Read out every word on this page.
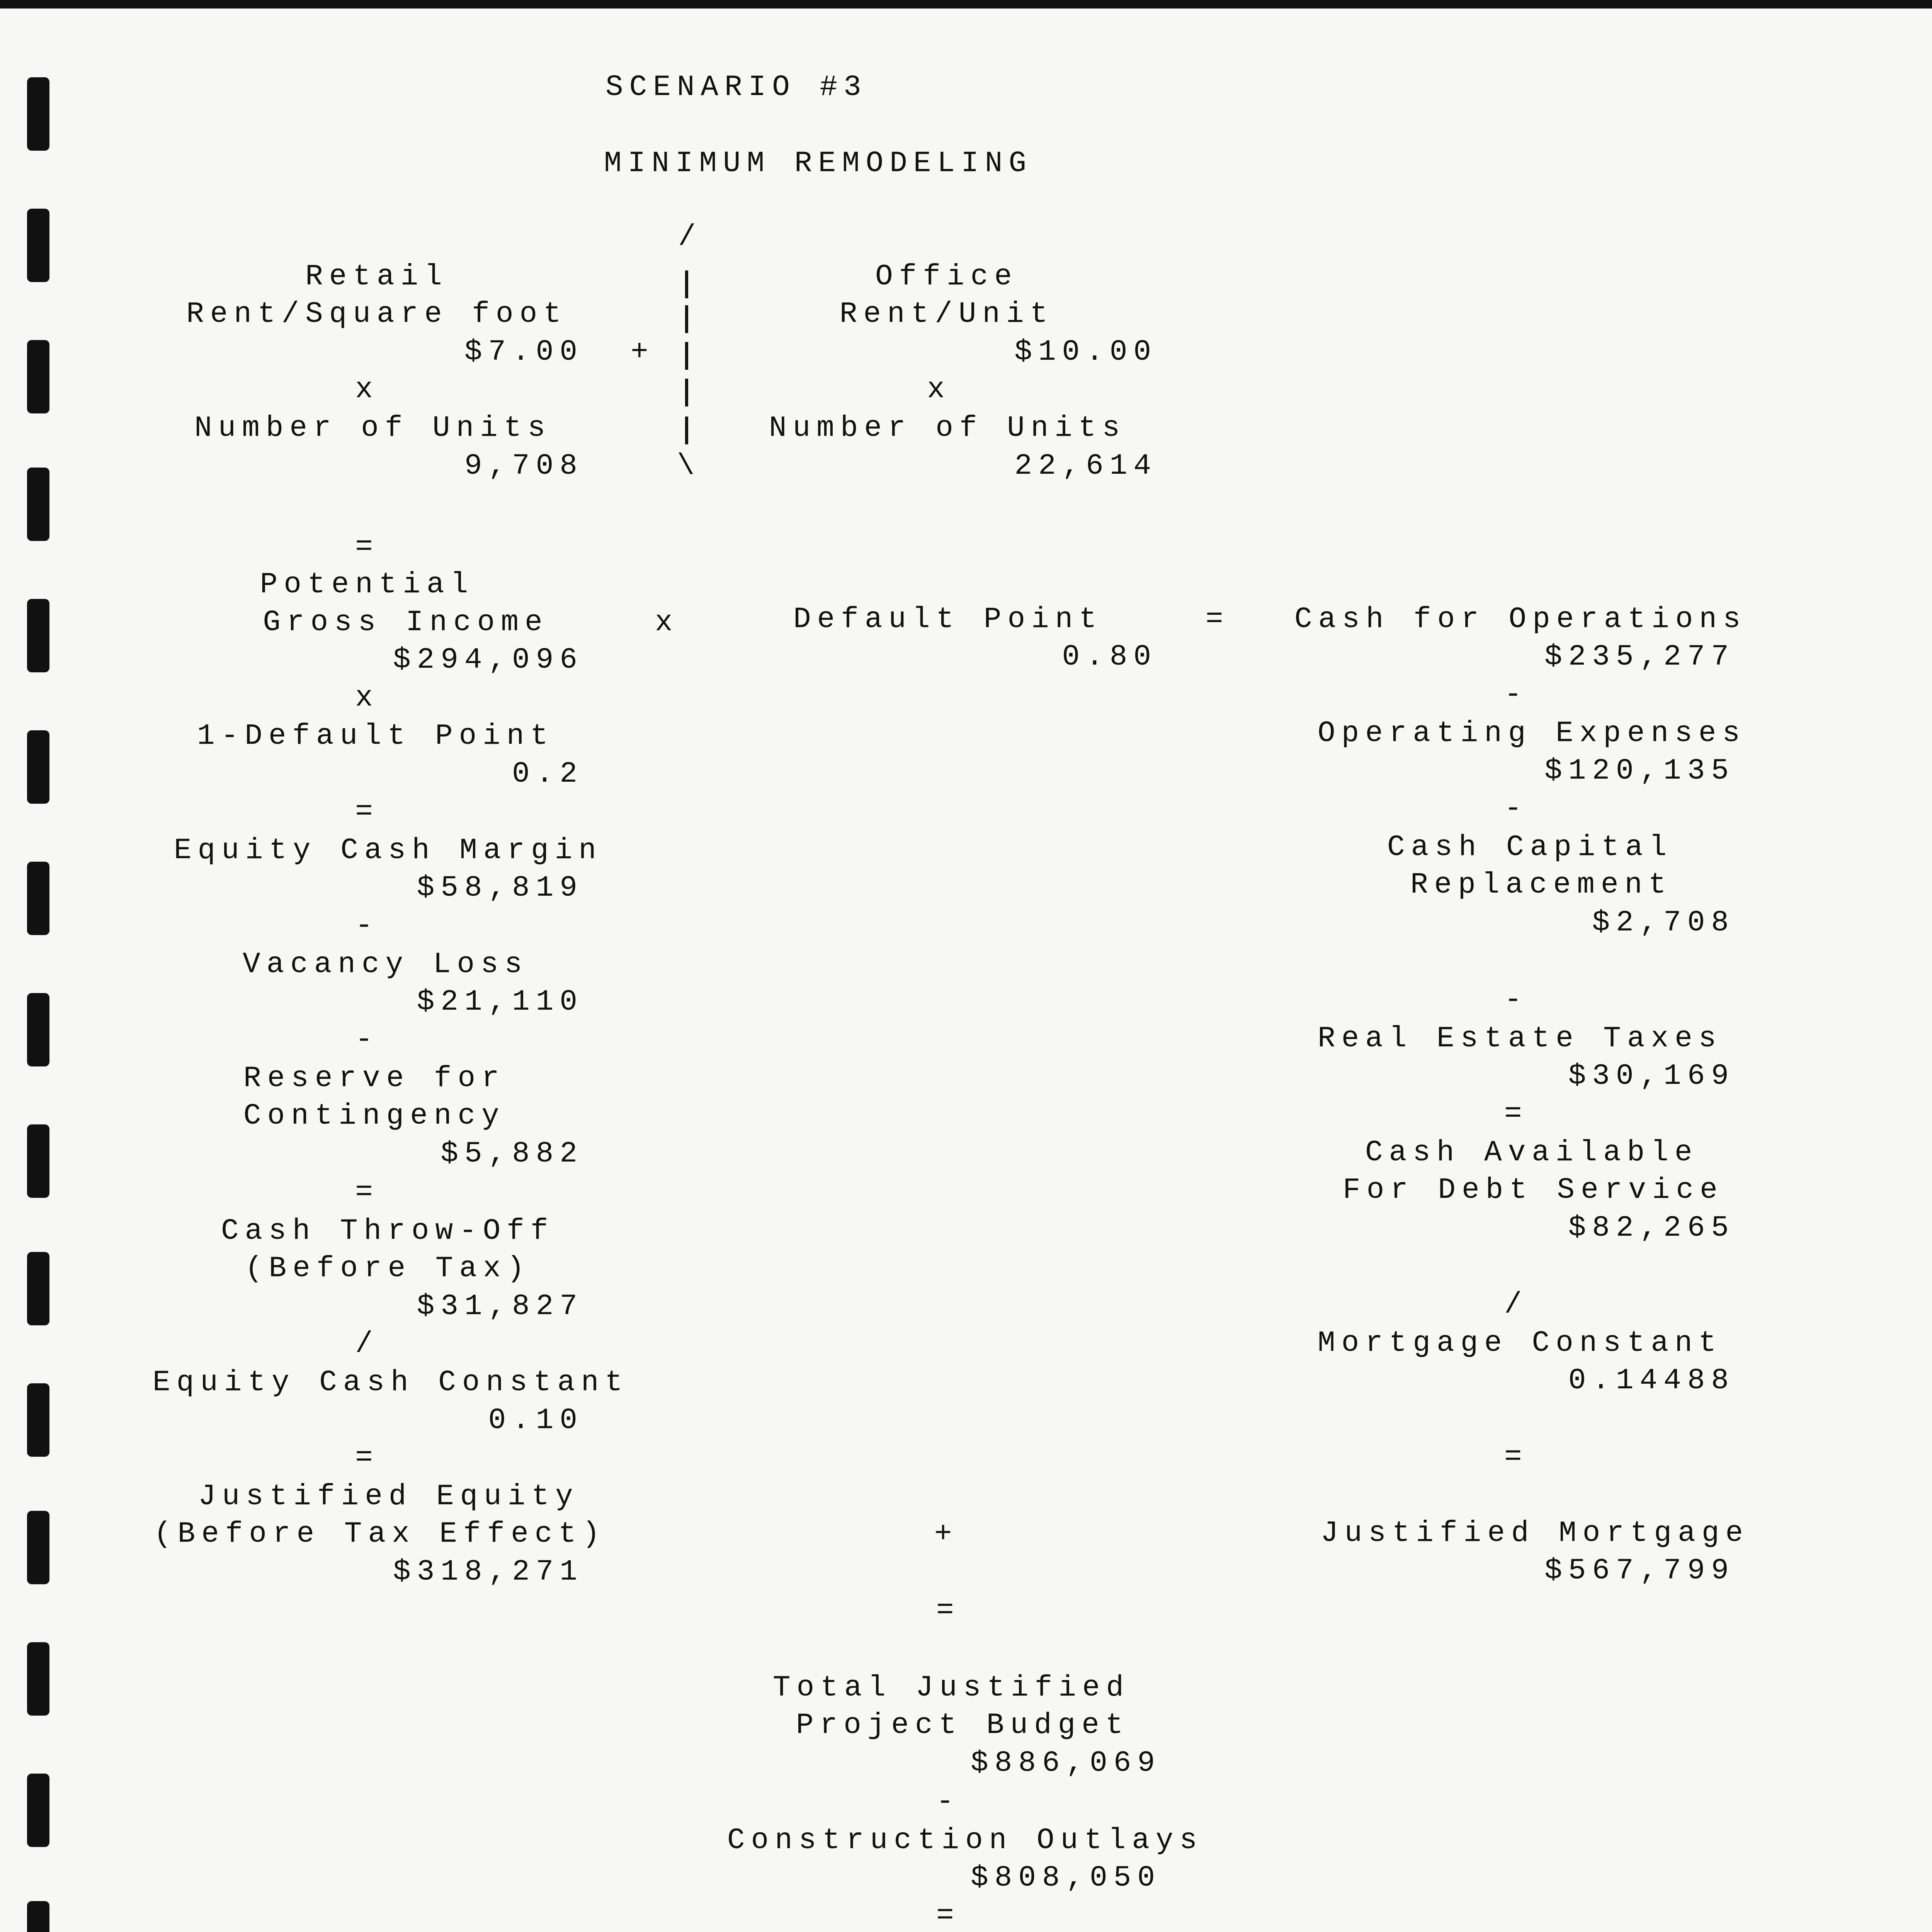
SCENARIO #3
MINIMUM REMODELING
Retail
Rent/Square foot
$7.00
x
Number of Units
9,708
/
+
\
Office
Rent/Unit
$10.00
x
Number of Units
22,614
=
Potential
Gross Income
$294,096
x
1-Default Point
0.2
=
Equity Cash Margin
$58,819
-
Vacancy Loss
$21,110
-
Reserve for
Contingency
$5,882
=
Cash Throw-Off
(Before Tax)
$31,827
/
Equity Cash Constant
0.10
=
Justified Equity
(Before Tax Effect)
$318,271
x	Default Point
0.80
=
+
=
Total Justified
Project Budget
$886,069
-
Construction Outlays
$808,050
=
Cash for Operations
$235,277
-
Operating Expenses
$120,135
-
Cash Capital
Replacement
$2,708
-
Real Estate Taxes
$30,169
=
Cash Available
For Debt Service
$82,265
/
Mortgage Constant
0.14488
=
Justified Mortgage
$567,799
